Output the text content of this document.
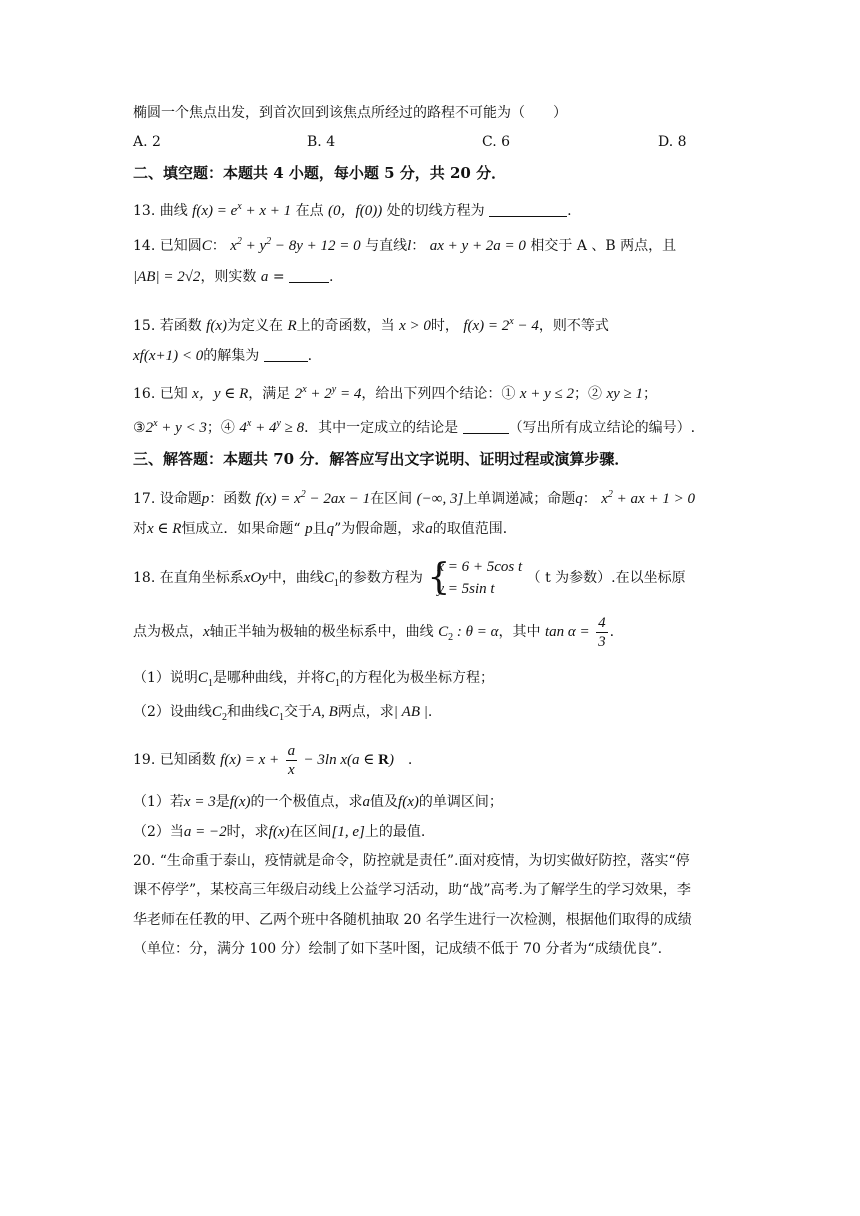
椭圆一个焦点出发，到首次回到该焦点所经过的路程不可能为（　　）
A. 2	B. 4	C. 6	D. 8
二、填空题：本题共 4 小题，每小题 5 分，共 20 分．
13. 曲线 $f(x) = e^x + x + 1$ 在点 (0，f(0)) 处的切线方程为	.
14. 已知圆C： $x^2 + y^2 - 8y + 12 = 0$ 与直线l： ax + y + 2a = 0 相交于 A 、B 两点，且
|AB| = 2√2，则实数 a =	.
15. 若函数 f(x)为定义在 R上的奇函数，当 x > 0时， $f(x) = 2^x - 4$，则不等式
xf(x+1) < 0的解集为	.
16. 已知 x，y ∈ R，满足 $2^x + 2^y = 4$，给出下列四个结论：① x + y ≤ 2；② xy ≥ 1；
$③2^x + y < 3$；④ $4^x + 4^y \ge 8$．其中一定成立的结论是	（写出所有成立结论的编号）.
三、解答题：本题共 70 分．解答应写出文字说明、证明过程或演算步骤．
17. 设命题p：函数 $f(x) = x^2 - 2ax - 1$在区间 (−∞, 3]上单调递减；命题q： $x^2$ + ax + 1 > 0
对x ∈ R恒成立．如果命题“ p且q”为假命题，求a的取值范围．
18. 在直角坐标系xOy中，曲线$C_1$的参数方程为 {
x = 6 + 5cos t
y = 5sin t
（ t 为参数）.在以坐标原
点为极点，x轴正半轴为极轴的极坐标系中，曲线 $C_2$ : θ = α，其中 $\tan \alpha = \frac{4}{3}$ .
（1）说明$C_1$是哪种曲线，并将$C_1$的方程化为极坐标方程；
（2）设曲线$C_2$和曲线$C_1$交于A, B两点，求| AB |.
19. 已知函数 $f(x) = x + \frac{a}{x} - 3\ln$ x(a ∈ R)　.
（1）若x = 3是f(x)的一个极值点，求a值及f(x)的单调区间；
（2）当a = −2时，求f(x)在区间[1, e]上的最值.
20. “生命重于泰山，疫情就是命令，防控就是责任”.面对疫情，为切实做好防控，落实“停
课不停学”，某校高三年级启动线上公益学习活动，助“战”高考.为了解学生的学习效果，李
华老师在任教的甲、乙两个班中各随机抽取 20 名学生进行一次检测，根据他们取得的成绩
（单位：分，满分 100 分）绘制了如下茎叶图，记成绩不低于 70 分者为“成绩优良”.
